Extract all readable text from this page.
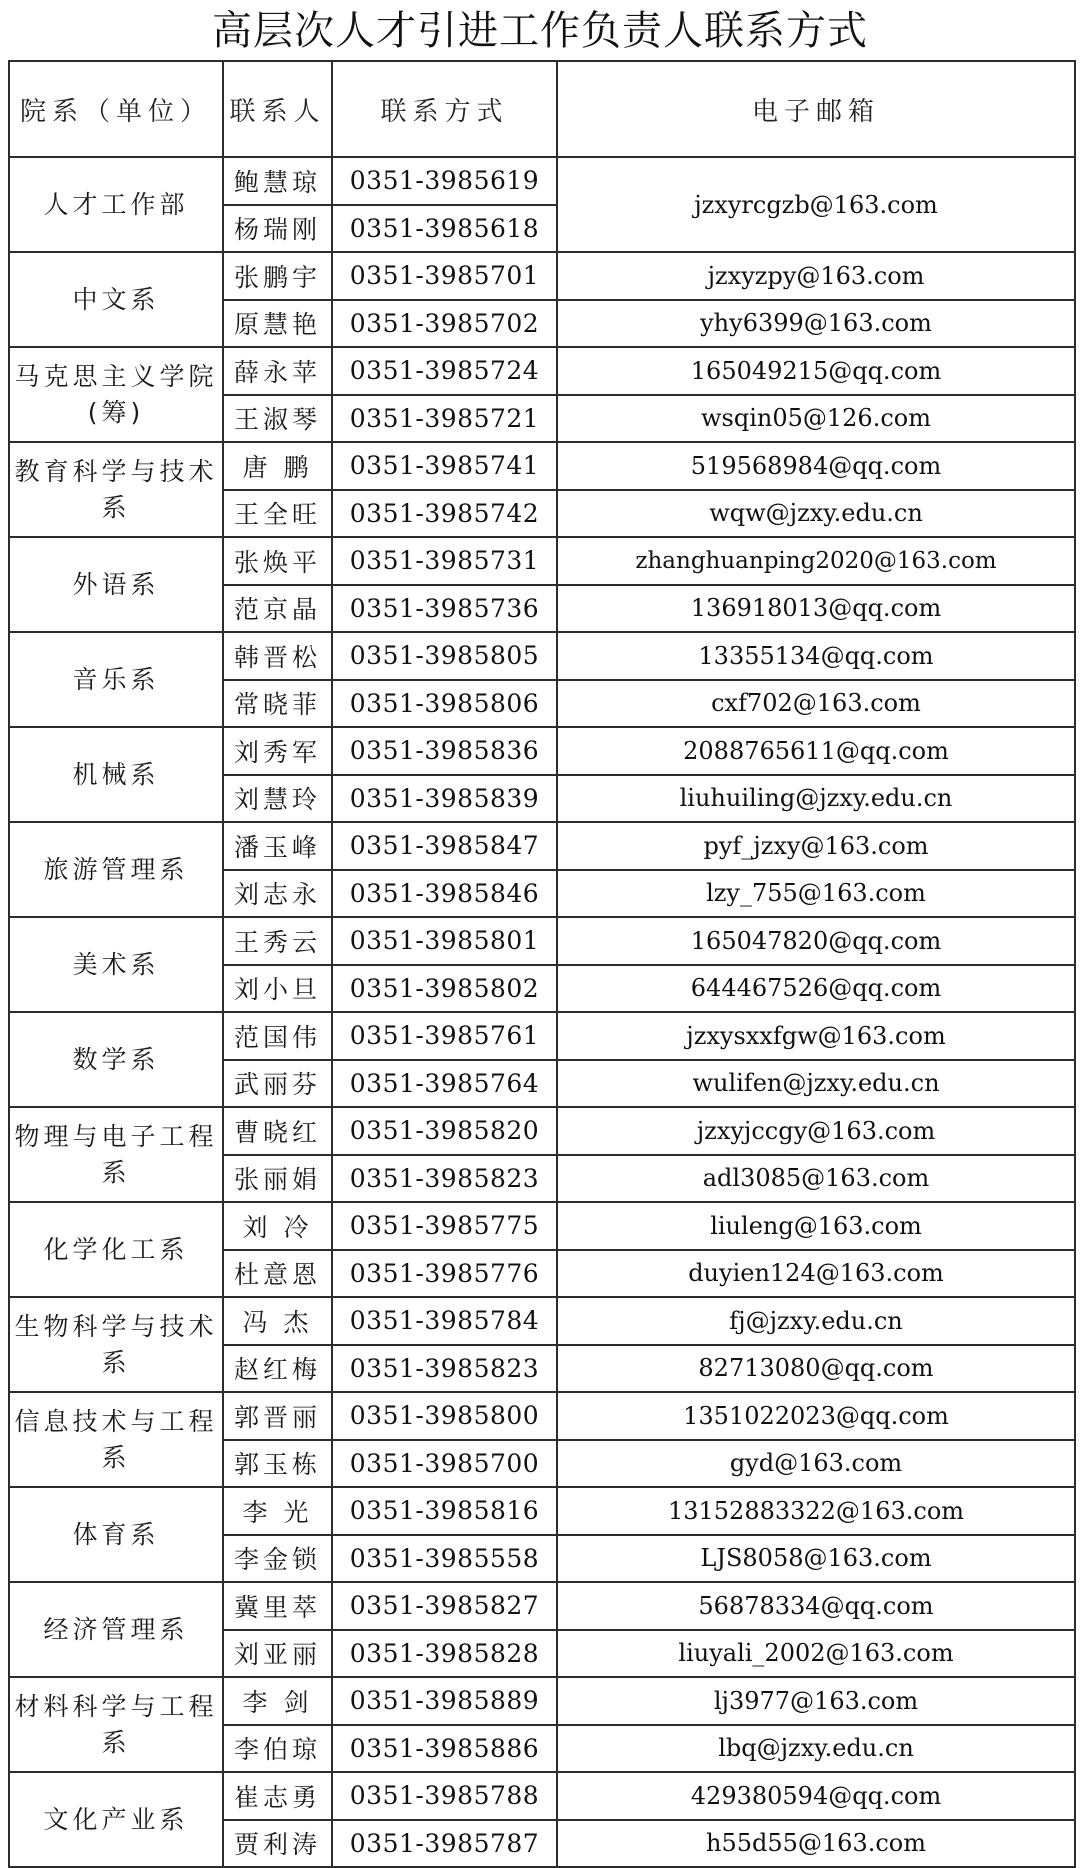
高层次人才引进工作负责人联系方式
院系（单位）	联系人	联系方式	电子邮箱
人才工作部	鲍慧琼	0351-3985619	jzxyrcgzb@163.com
	杨瑞刚	0351-3985618	
中文系	张鹏宇	0351-3985701	jzxyzpy@163.com
	原慧艳	0351-3985702	yhy6399@163.com
马克思主义学院(筹)	薛永苹	0351-3985724	165049215@qq.com
	王淑琴	0351-3985721	wsqin05@126.com
教育科学与技术系	唐 鹏	0351-3985741	519568984@qq.com
	王全旺	0351-3985742	wqw@jzxy.edu.cn
外语系	张焕平	0351-3985731	zhanghuanping2020@163.com
	范京晶	0351-3985736	136918013@qq.com
音乐系	韩晋松	0351-3985805	13355134@qq.com
	常晓菲	0351-3985806	cxf702@163.com
机械系	刘秀军	0351-3985836	2088765611@qq.com
	刘慧玲	0351-3985839	liuhuiling@jzxy.edu.cn
旅游管理系	潘玉峰	0351-3985847	pyf_jzxy@163.com
	刘志永	0351-3985846	lzy_755@163.com
美术系	王秀云	0351-3985801	165047820@qq.com
	刘小旦	0351-3985802	644467526@qq.com
数学系	范国伟	0351-3985761	jzxysxxfgw@163.com
	武丽芬	0351-3985764	wulifen@jzxy.edu.cn
物理与电子工程系	曹晓红	0351-3985820	jzxyjccgy@163.com
	张丽娟	0351-3985823	adl3085@163.com
化学化工系	刘 冷	0351-3985775	liuleng@163.com
	杜意恩	0351-3985776	duyien124@163.com
生物科学与技术系	冯 杰	0351-3985784	fj@jzxy.edu.cn
	赵红梅	0351-3985823	82713080@qq.com
信息技术与工程系	郭晋丽	0351-3985800	1351022023@qq.com
	郭玉栋	0351-3985700	gyd@163.com
体育系	李 光	0351-3985816	13152883322@163.com
	李金锁	0351-3985558	LJS8058@163.com
经济管理系	冀里萃	0351-3985827	56878334@qq.com
	刘亚丽	0351-3985828	liuyali_2002@163.com
材料科学与工程系	李 剑	0351-3985889	lj3977@163.com
	李伯琼	0351-3985886	lbq@jzxy.edu.cn
文化产业系	崔志勇	0351-3985788	429380594@qq.com
	贾利涛	0351-3985787	h55d55@163.com
